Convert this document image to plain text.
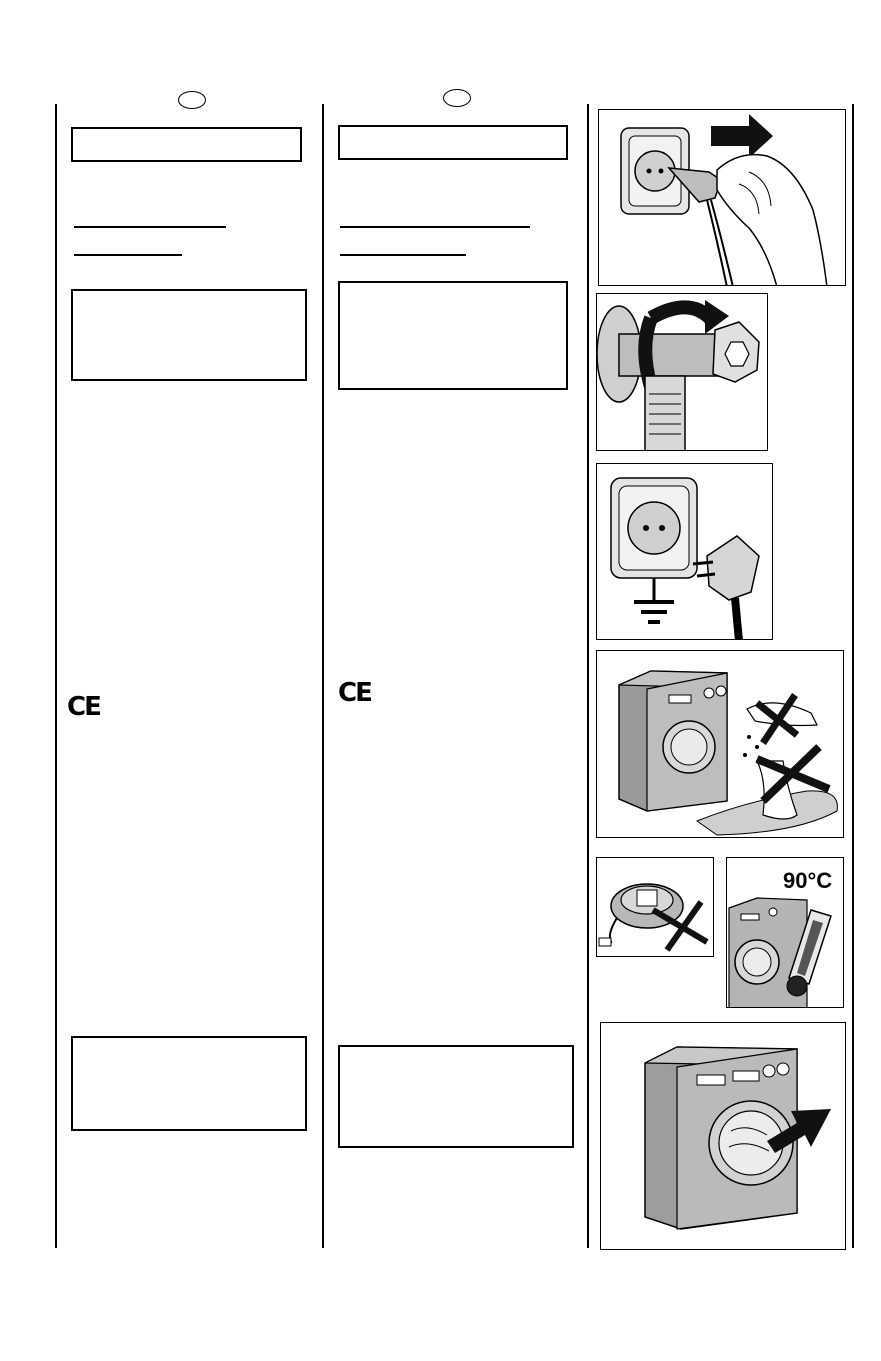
CE	CE
90°C
